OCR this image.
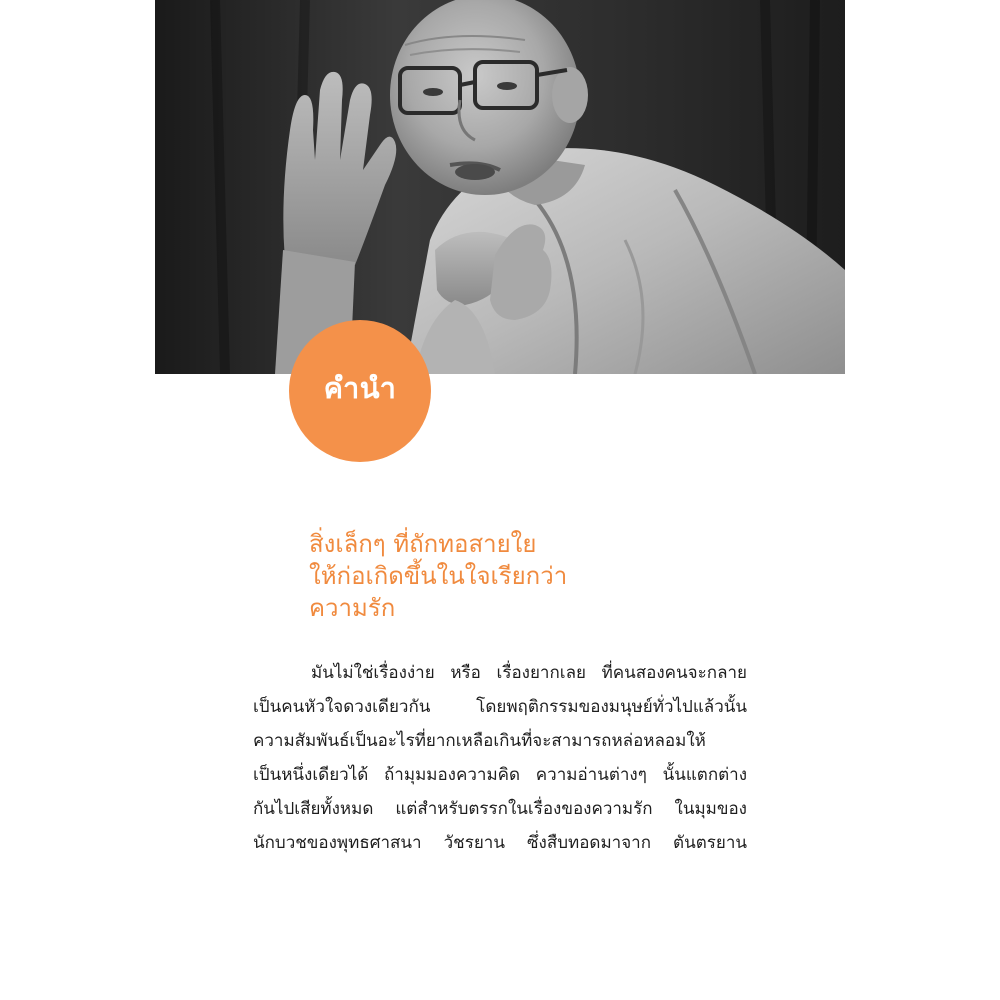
คำนำ
สิ่งเล็กๆ ที่ถักทอสายใย
ให้ก่อเกิดขึ้นในใจเรียกว่า
ความรัก
มันไม่ใช่เรื่องง่าย หรือ เรื่องยากเลย ที่คนสองคนจะกลาย
เป็นคนหัวใจดวงเดียวกัน โดยพฤติกรรมของมนุษย์ทั่วไปแล้วนั้น
ความสัมพันธ์เป็นอะไรที่ยากเหลือเกินที่จะสามารถหล่อหลอมให้
เป็นหนึ่งเดียวได้ ถ้ามุมมองความคิด ความอ่านต่างๆ นั้นแตกต่าง
กันไปเสียทั้งหมด แต่สำหรับตรรกในเรื่องของความรัก ในมุมของ
นักบวชของพุทธศาสนา วัชรยาน ซึ่งสืบทอดมาจาก ตันตรยาน
